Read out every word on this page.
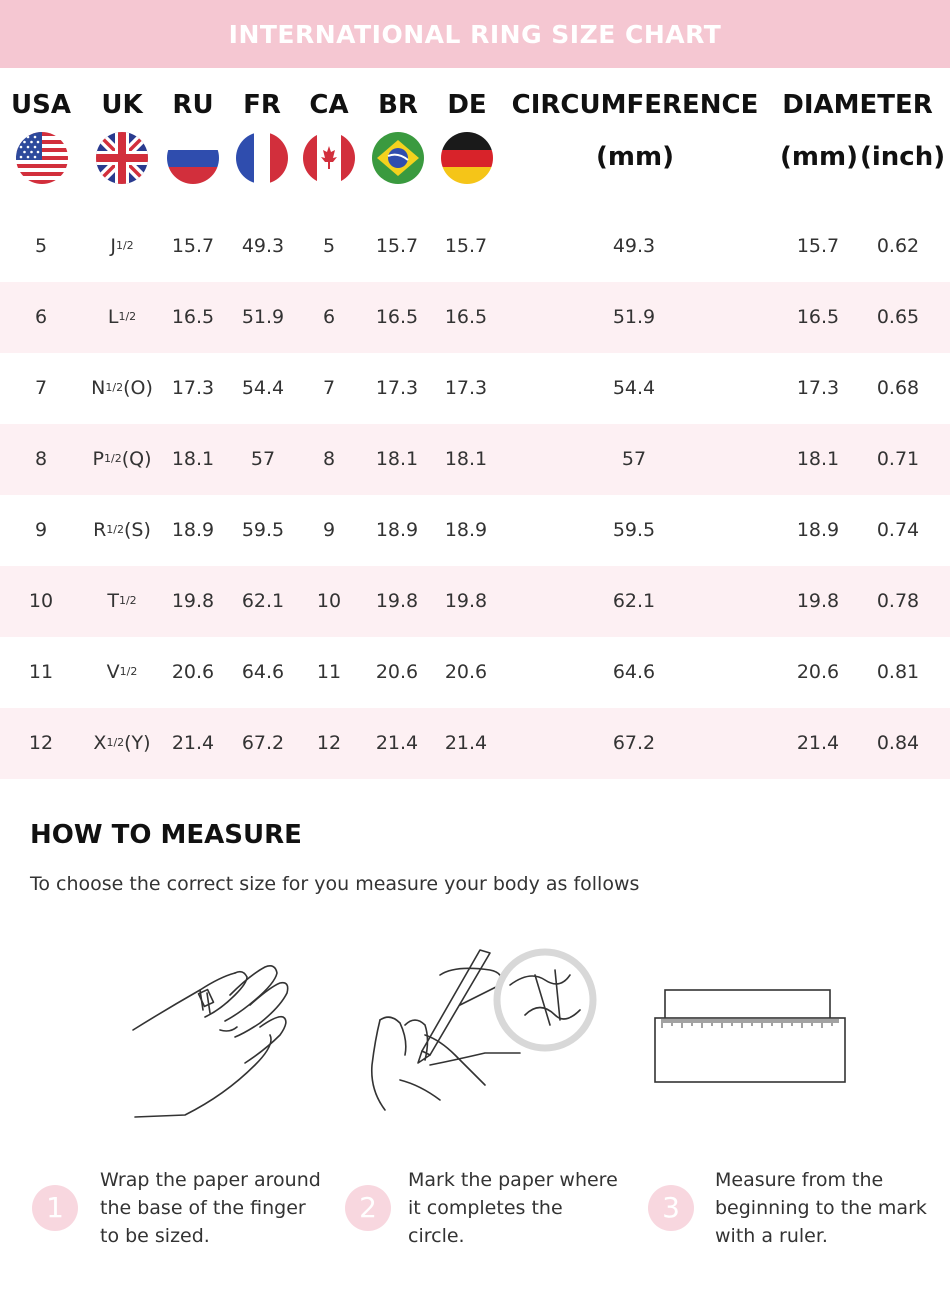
INTERNATIONAL RING SIZE CHART
USA UK RU FR CA BR DE CIRCUMFERENCE
(mm)
DIAMETER
(mm) (inch)
5	$J^{1/2}$ 15.7 49.3 5 15.7 15.7	49.3	15.7 0.62
6	$L^{1/2}$ 16.5 51.9 6 16.5 16.5	51.9	16.5 0.65
7 $N^{1/2}(O)$ 17.3 54.4 7 17.3 17.3	54.4	17.3 0.68
8 $P^{1/2}(Q)$ 18.1 57	8 18.1 18.1	57	18.1 0.71
9 $R^{1/2}(S)$ 18.9 59.5 9 18.9 18.9	59.5	18.9 0.74
10	$T^{1/2}$ 19.8 62.1 10 19.8 19.8	62.1	19.8 0.78
11	$V^{1/2}$ 20.6 64.6 11 20.6 20.6	64.6	20.6 0.81
12 $X^{1/2}(Y)$ 21.4 67.2 12 21.4 21.4	67.2	21.4 0.84
HOW TO MEASURE
To choose the correct size for you measure your body as follows
1
Wrap the paper around the base of the finger to be sized.
2
Mark the paper where it completes the circle.
3
Measure from the beginning to the mark with a ruler.
